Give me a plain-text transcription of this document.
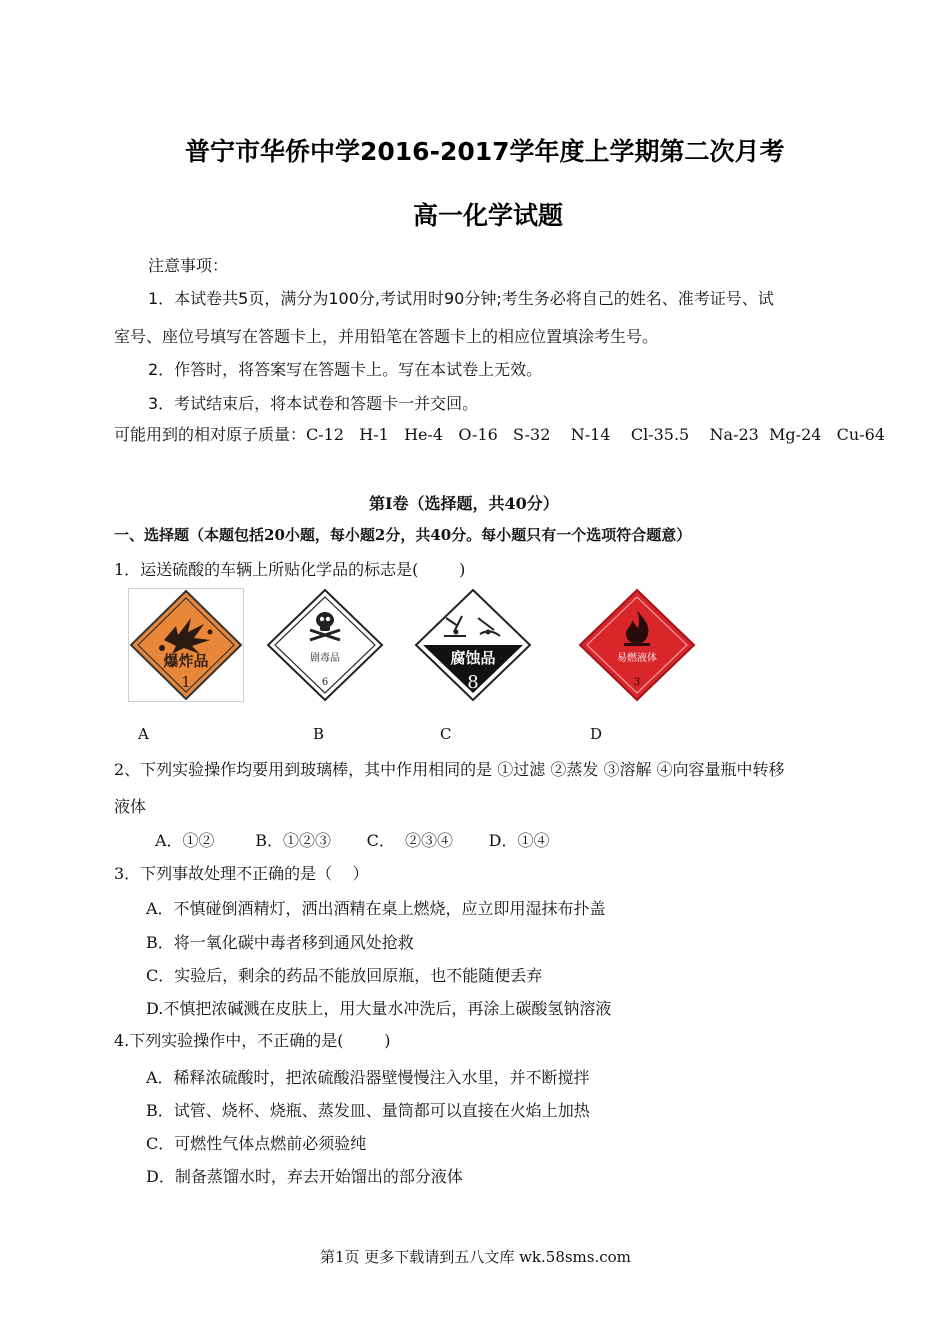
普宁市华侨中学2016-2017学年度上学期第二次月考
高一化学试题
注意事项：
1．本试卷共5页，满分为100分,考试用时90分钟;考生务必将自己的姓名、准考证号、试
室号、座位号填写在答题卡上，并用铅笔在答题卡上的相应位置填涂考生号。
2．作答时，将答案写在答题卡上。写在本试卷上无效。
3．考试结束后，将本试卷和答题卡一并交回。
可能用到的相对原子质量：C-12   H-1   He-4   O-16   S-32    N-14    Cl-35.5    Na-23  Mg-24   Cu-64
第Ⅰ卷（选择题，共40分）
一、选择题（本题包括20小题，每小题2分，共40分。每小题只有一个选项符合题意）
1．运送硫酸的车辆上所贴化学品的标志是(        )
爆炸品
1
剧毒品
6
腐蚀品
8
易燃液体
3
A	B	C	D
2、下列实验操作均要用到玻璃棒，其中作用相同的是 ①过滤 ②蒸发 ③溶解 ④向容量瓶中转移
液体
A．①②        B．①②③       C．  ②③④       D．①④
3．下列事故处理不正确的是（    ）
A．不慎碰倒酒精灯，洒出酒精在桌上燃烧，应立即用湿抹布扑盖
B．将一氧化碳中毒者移到通风处抢救
C．实验后，剩余的药品不能放回原瓶，也不能随便丢弃
D.不慎把浓碱溅在皮肤上，用大量水冲洗后，再涂上碳酸氢钠溶液
4.下列实验操作中，不正确的是(        )
A．稀释浓硫酸时，把浓硫酸沿器壁慢慢注入水里，并不断搅拌
B．试管、烧杯、烧瓶、蒸发皿、量筒都可以直接在火焰上加热
C．可燃性气体点燃前必须验纯
D．制备蒸馏水时，弃去开始馏出的部分液体
第1页 更多下载请到五八文库 wk.58sms.com
